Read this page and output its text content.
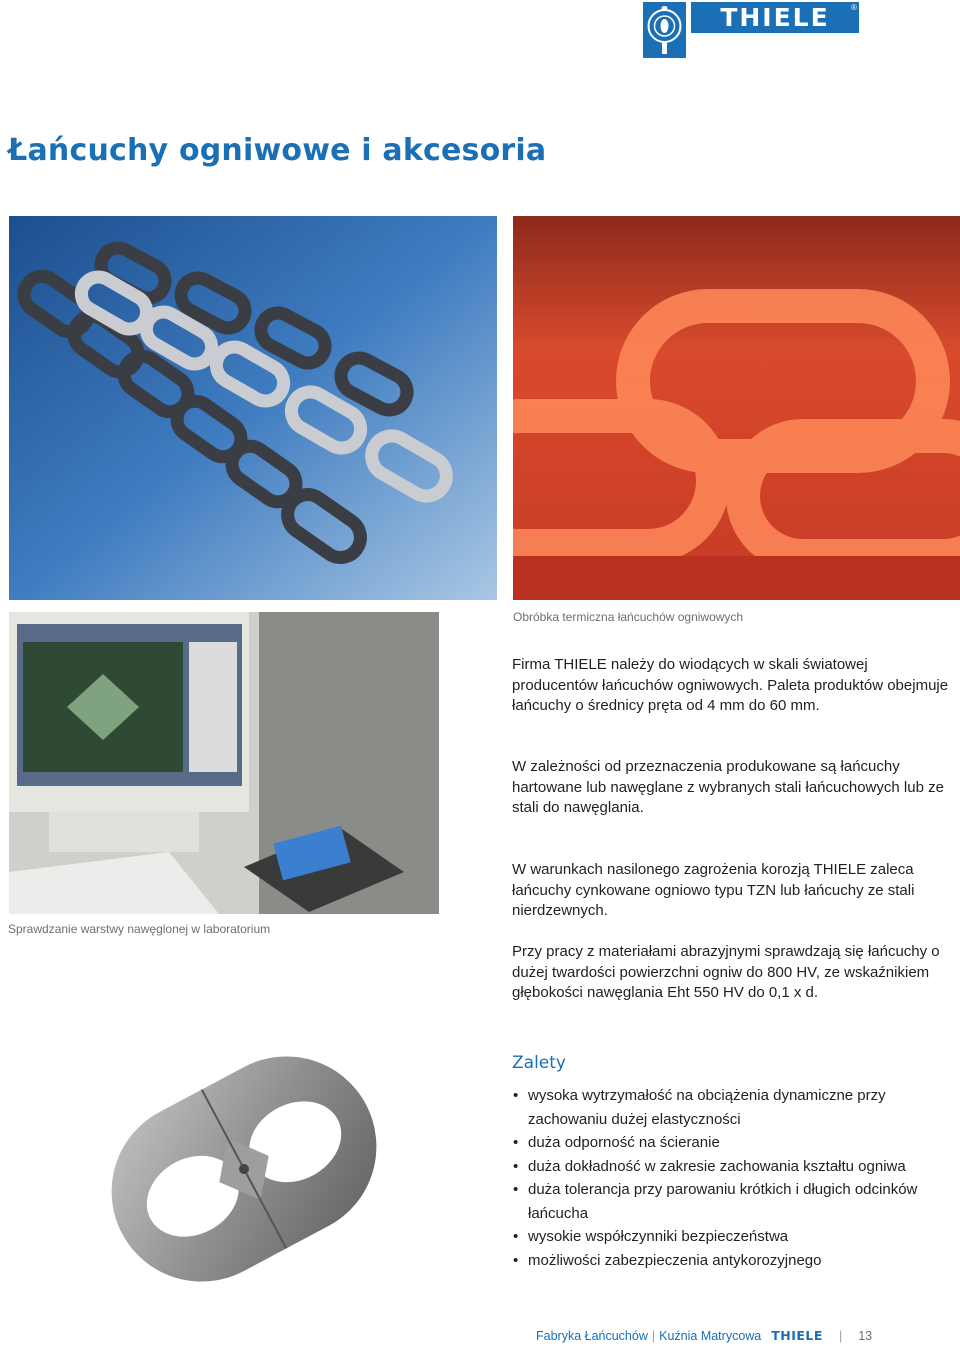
THIELE	®
Łańcuchy ogniwowe i akcesoria
Obróbka termiczna łańcuchów ogniwowych
Sprawdzanie warstwy nawęglonej w laboratorium

Firma THIELE należy do wiodących w skali światowej producentów łańcuchów ogniwowych. Paleta produktów obejmuje łańcuchy o średnicy pręta od 4 mm do 60 mm.

W zależności od przeznaczenia produkowane są łańcuchy hartowane lub nawęglane z wybranych stali łańcuchowych lub ze stali do nawęglania.

W warunkach nasilonego zagrożenia korozją THIELE zaleca łańcuchy cynkowane ogniowo typu TZN lub łańcuchy ze stali nierdzewnych.

Przy pracy z materiałami abrazyjnymi sprawdzają się łańcuchy o dużej twardości powierzchni ogniw do 800 HV, ze wskaźnikiem głębokości nawęglania Eht 550 HV do 0,1 x d.

Zalety
• wysoka wytrzymałość na obciążenia dynamiczne przy zachowaniu dużej elastyczności
• duża odporność na ścieranie
• duża dokładność w zakresie zachowania kształtu ogniwa
• duża tolerancja przy parowaniu krótkich i długich odcinków łańcucha
• wysokie współczynniki bezpieczeństwa
• możliwości zabezpieczenia antykorozyjnego
Fabryka Łańcuchów | Kuźnia Matrycowa THIELE | 13
